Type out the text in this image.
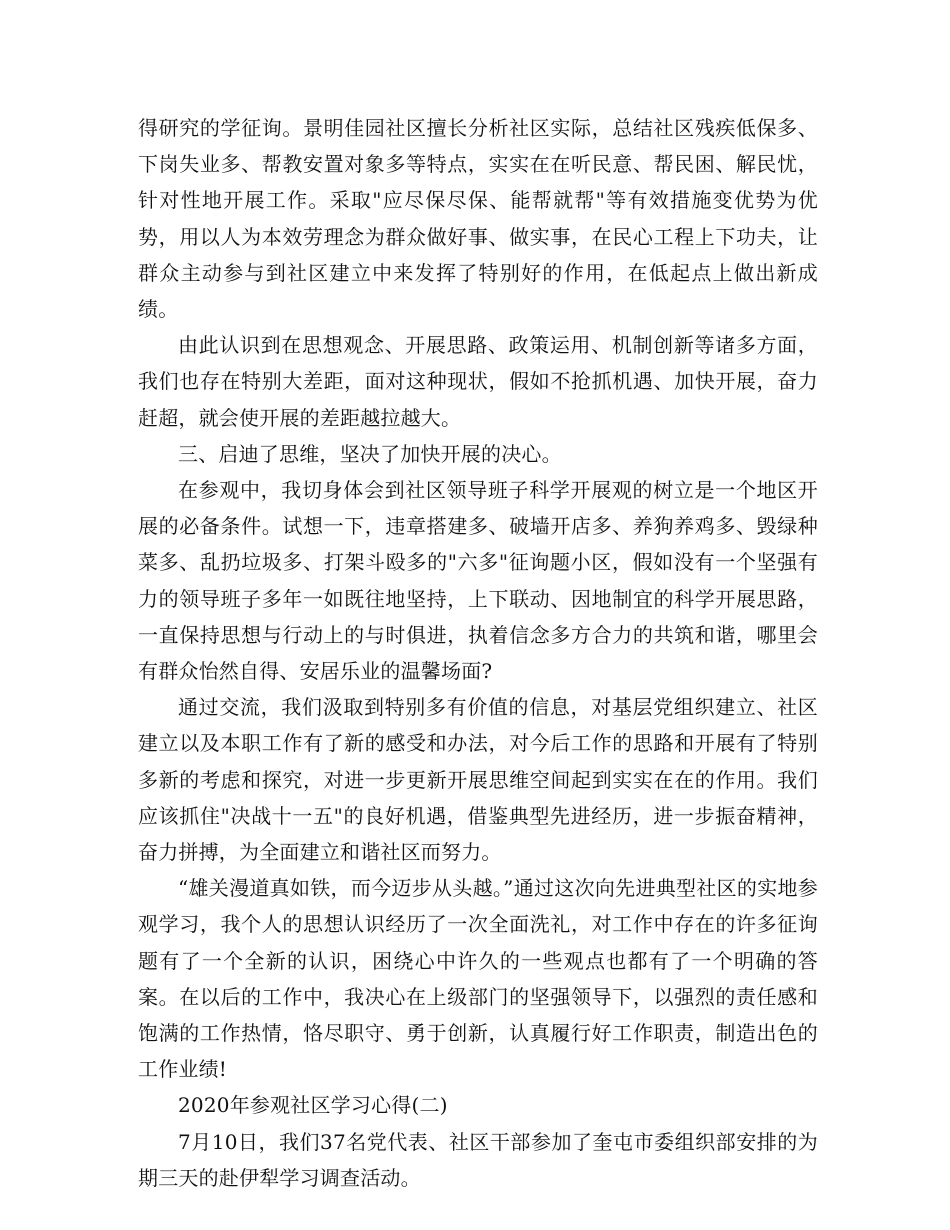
得研究的学征询。景明佳园社区擅长分析社区实际，总结社区残疾低保多、下岗失业多、帮教安置对象多等特点，实实在在听民意、帮民困、解民忧，针对性地开展工作。采取"应尽保尽保、能帮就帮"等有效措施变优势为优势，用以人为本效劳理念为群众做好事、做实事，在民心工程上下功夫，让群众主动参与到社区建立中来发挥了特别好的作用，在低起点上做出新成绩。

由此认识到在思想观念、开展思路、政策运用、机制创新等诸多方面，我们也存在特别大差距，面对这种现状，假如不抢抓机遇、加快开展，奋力赶超，就会使开展的差距越拉越大。

三、启迪了思维，坚决了加快开展的决心。

在参观中，我切身体会到社区领导班子科学开展观的树立是一个地区开展的必备条件。试想一下，违章搭建多、破墙开店多、养狗养鸡多、毁绿种菜多、乱扔垃圾多、打架斗殴多的"六多"征询题小区，假如没有一个坚强有力的领导班子多年一如既往地坚持，上下联动、因地制宜的科学开展思路，一直保持思想与行动上的与时俱进，执着信念多方合力的共筑和谐，哪里会有群众怡然自得、安居乐业的温馨场面?

通过交流，我们汲取到特别多有价值的信息，对基层党组织建立、社区建立以及本职工作有了新的感受和办法，对今后工作的思路和开展有了特别多新的考虑和探究，对进一步更新开展思维空间起到实实在在的作用。我们应该抓住"决战十一五"的良好机遇，借鉴典型先进经历，进一步振奋精神，奋力拼搏，为全面建立和谐社区而努力。

“雄关漫道真如铁，而今迈步从头越。”通过这次向先进典型社区的实地参观学习，我个人的思想认识经历了一次全面洗礼，对工作中存在的许多征询题有了一个全新的认识，困绕心中许久的一些观点也都有了一个明确的答案。在以后的工作中，我决心在上级部门的坚强领导下，以强烈的责任感和饱满的工作热情，恪尽职守、勇于创新，认真履行好工作职责，制造出色的工作业绩!

2020年参观社区学习心得(二)

7月10日，我们37名党代表、社区干部参加了奎屯市委组织部安排的为期三天的赴伊犁学习调查活动。
